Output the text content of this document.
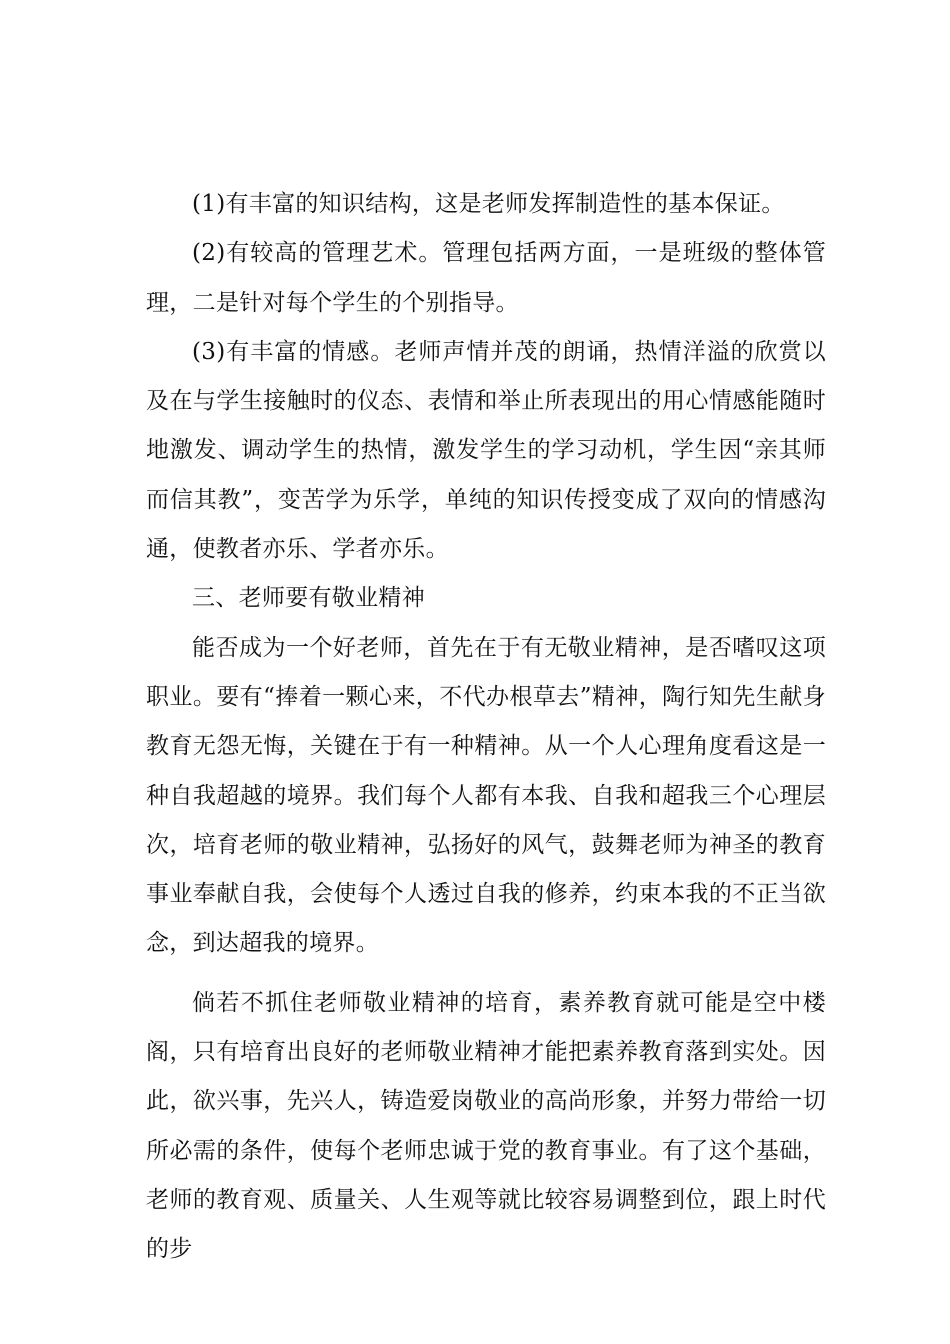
(1)有丰富的知识结构，这是老师发挥制造性的基本保证。

(2)有较高的管理艺术。管理包括两方面，一是班级的整体管理，二是针对每个学生的个别指导。

(3)有丰富的情感。老师声情并茂的朗诵，热情洋溢的欣赏以及在与学生接触时的仪态、表情和举止所表现出的用心情感能随时地激发、调动学生的热情，激发学生的学习动机，学生因“亲其师而信其教”，变苦学为乐学，单纯的知识传授变成了双向的情感沟通，使教者亦乐、学者亦乐。

三、老师要有敬业精神

能否成为一个好老师，首先在于有无敬业精神，是否嗜叹这项职业。要有“捧着一颗心来，不代办根草去”精神，陶行知先生献身教育无怨无悔，关键在于有一种精神。从一个人心理角度看这是一种自我超越的境界。我们每个人都有本我、自我和超我三个心理层次，培育老师的敬业精神，弘扬好的风气，鼓舞老师为神圣的教育事业奉献自我，会使每个人透过自我的修养，约束本我的不正当欲念，到达超我的境界。

倘若不抓住老师敬业精神的培育，素养教育就可能是空中楼阁，只有培育出良好的老师敬业精神才能把素养教育落到实处。因此，欲兴事，先兴人，铸造爱岗敬业的高尚形象，并努力带给一切所必需的条件，使每个老师忠诚于党的教育事业。有了这个基础，老师的教育观、质量关、人生观等就比较容易调整到位，跟上时代的步
